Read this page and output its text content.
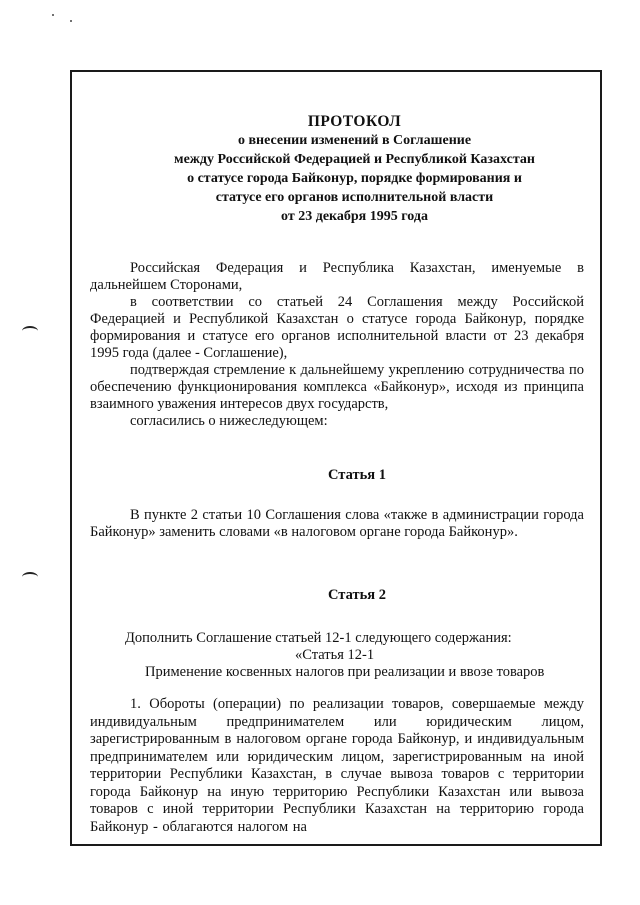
ПРОТОКОЛ
о внесении изменений в Соглашение
между Российской Федерацией и Республикой Казахстан
о статусе города Байконур, порядке формирования и
статусе его органов исполнительной власти
от 23 декабря 1995 года

Российская Федерация и Республика Казахстан, именуемые в дальнейшем Сторонами,

в соответствии со статьей 24 Соглашения между Российской Федерацией и Республикой Казахстан о статусе города Байконур, порядке формирования и статусе его органов исполнительной власти от 23 декабря 1995 года (далее - Соглашение),

подтверждая стремление к дальнейшему укреплению сотрудничества по обеспечению функционирования комплекса «Байконур», исходя из принципа взаимного уважения интересов двух государств,

согласились о нижеследующем:

Статья 1
В пункте 2 статьи 10 Соглашения слова «также в администрации города Байконур» заменить словами «в налоговом органе города Байконур».
Статья 2
Дополнить Соглашение статьей 12-1 следующего содержания:
«Статья 12-1
Применение косвенных налогов при реализации и ввозе товаров
1. Обороты (операции) по реализации товаров, совершаемые между индивидуальным предпринимателем или юридическим лицом, зарегистрированным в налоговом органе города Байконур, и индивидуальным предпринимателем или юридическим лицом, зарегистрированным на иной территории Республики Казахстан, в случае вывоза товаров с территории города Байконур на иную территорию Республики Казахстан или вывоза товаров с иной территории Республики Казахстан на территорию города Байконур - облагаются налогом на
